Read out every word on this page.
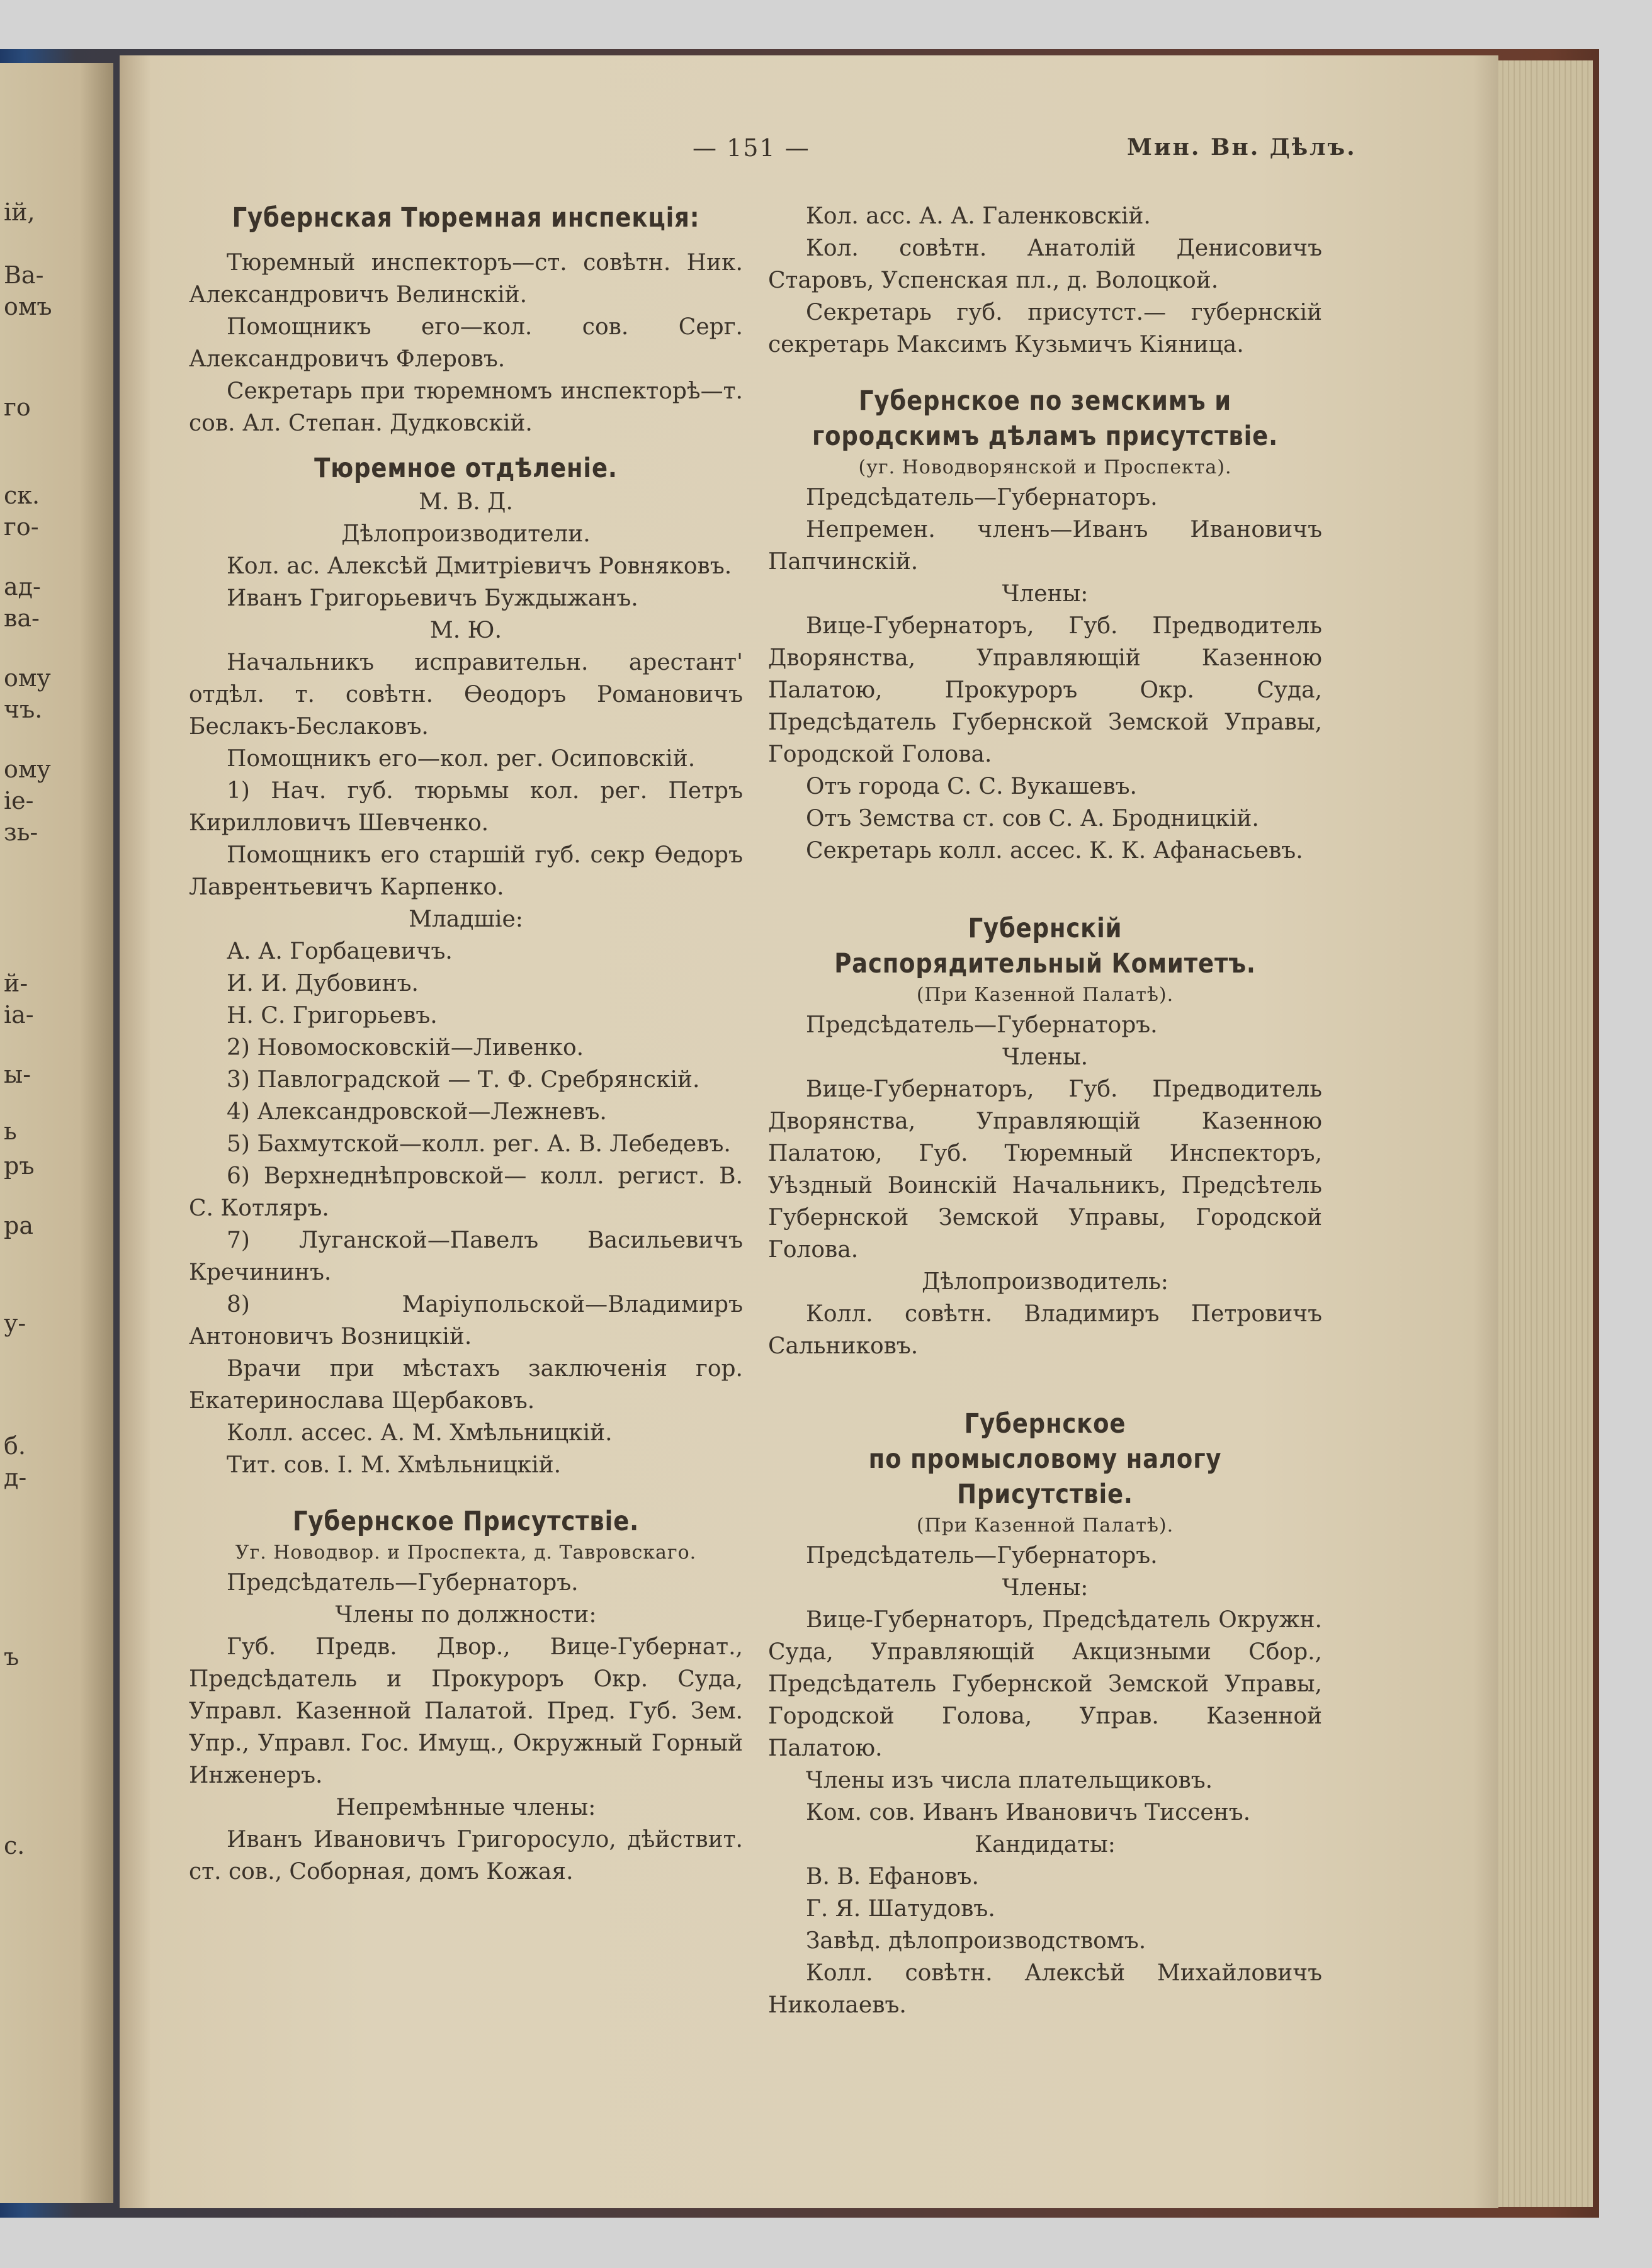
ій,
Ва-
омъ
го
ск.
го-
ад-
ва-
ому
чъ.
ому
іе-
зь-
й-
іа-
ы-
ь
ръ
ра
у-
б.
д-
ъ
с.
— 151 —	Мин. Вн. Дѣлъ.
Губернская Тюремная инспекція:

Тюремный инспекторъ—ст. совѣтн. Ник. Александровичъ Велинскій.

Помощникъ его—кол. сов. Серг. Александровичъ Флеровъ.

Секретарь при тюремномъ инспекторѣ—т. сов. Ал. Степан. Дудковскій.

Тюремное отдѣленіе.

М. В. Д.

Дѣлопроизводители.

Кол. ас. Алексѣй Дмитріевичъ Ровняковъ.

Иванъ Григорьевичъ Буждыжанъ.

М. Ю.

Начальникъ исправительн. арестант' отдѣл. т. совѣтн. Өеодоръ Романовичъ Беслакъ-Беслаковъ.

Помощникъ его—кол. рег. Осиповскій.

1) Нач. губ. тюрьмы кол. рег. Петръ Кирилловичъ Шевченко.

Помощникъ его старшій губ. секр Өедоръ Лаврентьевичъ Карпенко.

Младшіе:

А. А. Горбацевичъ.

И. И. Дубовинъ.

Н. С. Григорьевъ.

2) Новомосковскій—Ливенко.

3) Павлоградской — Т. Ф. Сребрянскій.

4) Александровской—Лежневъ.

5) Бахмутской—колл. рег. А. В. Лебедевъ.

6) Верхнеднѣпровской— колл. регист. В. С. Котляръ.

7) Луганской—Павелъ Васильевичъ Кречининъ.

8) Маріупольской—Владимиръ Антоновичъ Возницкій.

Врачи при мѣстахъ заключенія гор. Екатеринослава Щербаковъ.

Колл. ассес. А. М. Хмѣльницкій.

Тит. сов. І. М. Хмѣльницкій.

Губернское Присутствіе.

Уг. Новодвор. и Проспекта, д. Тавровскаго.

Предсѣдатель—Губернаторъ.

Члены по должности:

Губ. Предв. Двор., Вице-Губернат., Предсѣдатель и Прокуроръ Окр. Суда, Управл. Казенной Палатой. Пред. Губ. Зем. Упр., Управл. Гос. Имущ., Окружный Горный Инженеръ.

Непремѣнные члены:

Иванъ Ивановичъ Григоросуло, дѣйствит. ст. сов., Соборная, домъ Кожая.

Кол. асс. А. А. Галенковскій.

Кол. совѣтн. Анатолій Денисовичъ Старовъ, Успенская пл., д. Волоцкой.

Секретарь губ. присутст.— губернскій секретарь Максимъ Кузьмичъ Кіяница.

Губернское по земскимъ и городскимъ дѣламъ присутствіе.

(уг. Новодворянской и Проспекта).

Предсѣдатель—Губернаторъ.

Непремен. членъ—Иванъ Ивановичъ Папчинскій.

Члены:

Вице-Губернаторъ, Губ. Предводитель Дворянства, Управляющій Казенною Палатою, Прокуроръ Окр. Суда, Предсѣдатель Губернской Земской Управы, Городской Голова.

Отъ города С. С. Вукашевъ.

Отъ Земства ст. сов С. А. Бродницкій.

Секретарь колл. ассес. К. К. Афанасьевъ.

Губернскій
Распорядительный Комитетъ.

(При Казенной Палатѣ).

Предсѣдатель—Губернаторъ.

Члены.

Вице-Губернаторъ, Губ. Предводитель Дворянства, Управляющій Казенною Палатою, Губ. Тюремный Инспекторъ, Уѣздный Воинскій Начальникъ, Предсѣтель Губернской Земской Управы, Городской Голова.

Дѣлопроизводитель:

Колл. совѣтн. Владимиръ Петровичъ Сальниковъ.

Губернское
по промысловому налогу Присутствіе.

(При Казенной Палатѣ).

Предсѣдатель—Губернаторъ.

Члены:

Вице-Губернаторъ, Предсѣдатель Окружн. Суда, Управляющій Акцизными Сбор., Предсѣдатель Губернской Земской Управы, Городской Голова, Управ. Казенной Палатою.

Члены изъ числа плательщиковъ.

Ком. сов. Иванъ Ивановичъ Тиссенъ.

Кандидаты:

В. В. Ефановъ.

Г. Я. Шатудовъ.

Завѣд. дѣлопроизводствомъ.

Колл. совѣтн. Алексѣй Михайловичъ Николаевъ.
